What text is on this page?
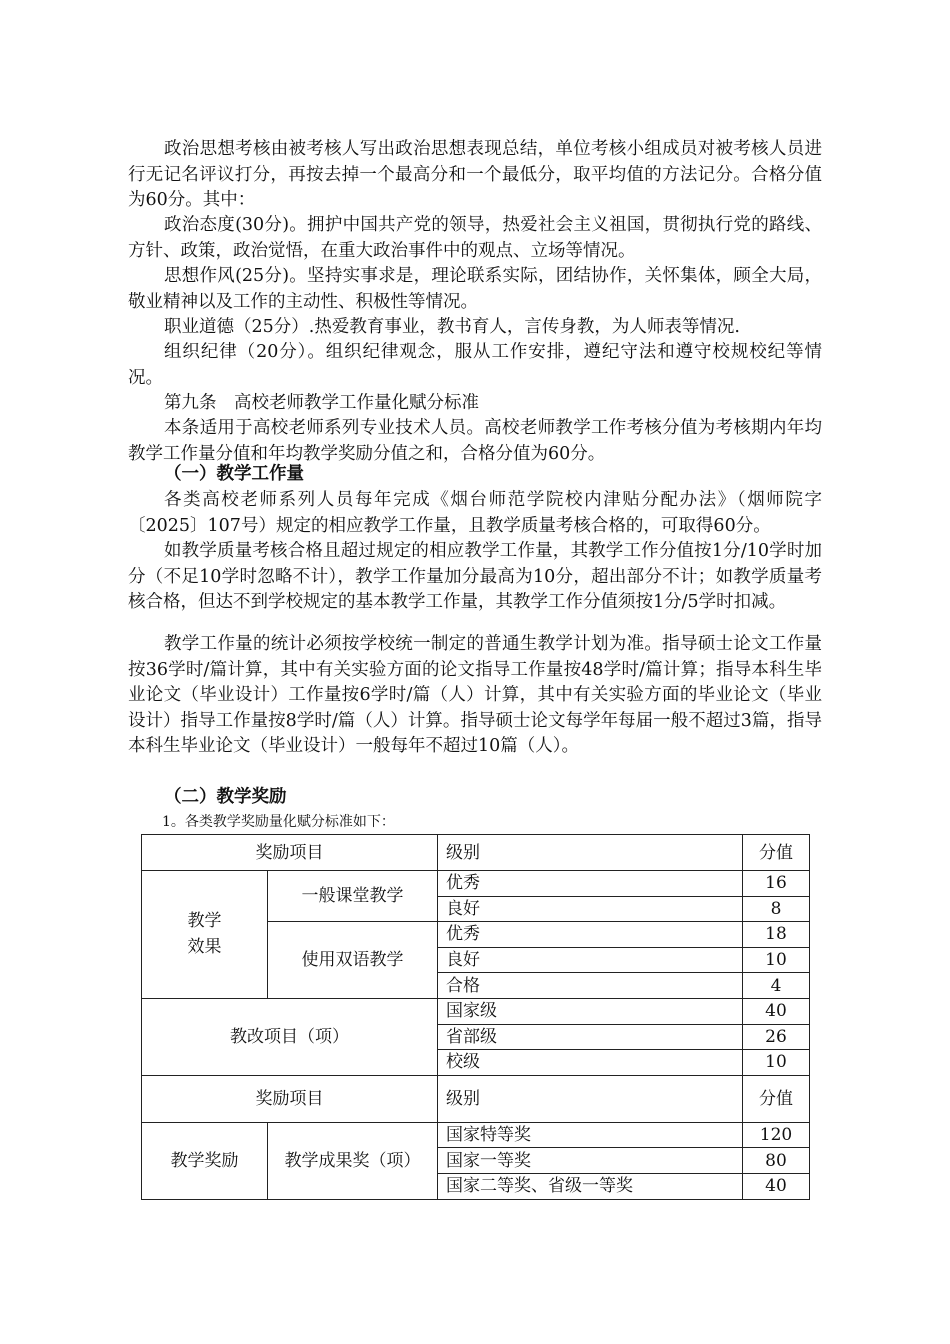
政治思想考核由被考核人写出政治思想表现总结，单位考核小组成员对被考核人员进行无记名评议打分，再按去掉一个最高分和一个最低分，取平均值的方法记分。合格分值为60分。其中：

政治态度(30分)。拥护中国共产党的领导，热爱社会主义祖国，贯彻执行党的路线、方针、政策，政治觉悟，在重大政治事件中的观点、立场等情况。

思想作风(25分)。坚持实事求是，理论联系实际，团结协作，关怀集体，顾全大局，敬业精神以及工作的主动性、积极性等情况。

职业道德（25分）.热爱教育事业，教书育人，言传身教，为人师表等情况.

组织纪律（20分）。组织纪律观念，服从工作安排，遵纪守法和遵守校规校纪等情况。

第九条　高校老师教学工作量化赋分标准

本条适用于高校老师系列专业技术人员。高校老师教学工作考核分值为考核期内年均教学工作量分值和年均教学奖励分值之和，合格分值为60分。

（一）教学工作量

各类高校老师系列人员每年完成《烟台师范学院校内津贴分配办法》（烟师院字〔2025〕107号）规定的相应教学工作量，且教学质量考核合格的，可取得60分。

如教学质量考核合格且超过规定的相应教学工作量，其教学工作分值按1分/10学时加分（不足10学时忽略不计），教学工作量加分最高为10分，超出部分不计；如教学质量考核合格，但达不到学校规定的基本教学工作量，其教学工作分值须按1分/5学时扣减。

教学工作量的统计必须按学校统一制定的普通生教学计划为准。指导硕士论文工作量按36学时/篇计算，其中有关实验方面的论文指导工作量按48学时/篇计算；指导本科生毕业论文（毕业设计）工作量按6学时/篇（人）计算，其中有关实验方面的毕业论文（毕业设计）指导工作量按8学时/篇（人）计算。指导硕士论文每学年每届一般不超过3篇，指导本科生毕业论文（毕业设计）一般每年不超过10篇（人）。

（二）教学奖励

1。各类教学奖励量化赋分标准如下：

奖励项目		级别	分值
教学
效果	一般课堂教学	优秀	16
		良好	8
	使用双语教学	优秀	18
		良好	10
		合格	4
教改项目（项）		国家级	40
		省部级	26
		校级	10
奖励项目		级别	分值
教学奖励	教学成果奖（项）	国家特等奖	120
		国家一等奖	80
		国家二等奖、省级一等奖	40
